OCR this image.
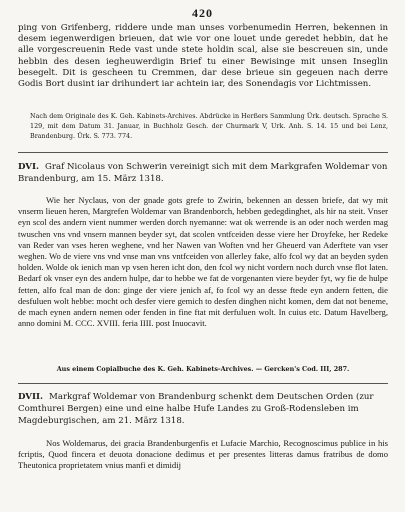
420

ping von Grifenberg, riddere unde man unses vorbenumedin Herren, bekennen in desem iegenwerdigen brieuen, dat wie vor one louet unde geredet hebbin, dat he alle vorgescreuenin Rede vast unde stete holdin scal, alse sie bescreuen sin, unde hebbin des desen iegheuwerdigin Brief tu einer Bewisinge mit unsen Inseglin besegelt. Dit is gescheen tu Cremmen, dar dese brieue sin gegeuen nach derre Godis Bort dusint iar drihundert iar achtein iar, des Sonendagis vor Lichtmissen.

Nach dem Originale des K. Geh. Kabinets-Archives. Abdrücke in Herßers Sammlung Ürk. deutsch. Sprache S. 129, mit dem Datum 31. Januar, in Buchholz Gesch. der Churmark V, Urk. Anh. S. 14. 15 und bei Lenz, Brandenburg. Ürk. S. 773. 774.
DVI. Graf Nicolaus von Schwerin vereinigt sich mit dem Markgrafen Woldemar von Brandenburg, am 15. März 1318.

Wie her Nyclaus, von der gnade gots grefe to Zwirin, bekennen an dessen briefe, dat wy mit vnserm lieuen heren, Margrefen Woldemar van Brandenborch, hebben gedegdinghet, als hir na steit. Vnser eyn scol des andern vient nummer werden dorch nyemanne: wat ok werrende is an oder noch werden mag twuschen vns vnd vnsern mannen beyder syt, dat scolen vntfceiden desse viere her Droyfeke, her Redeke van Reder van vses heren weghene, vnd her Nawen van Woften vnd her Gheuerd van Aderftete van vser weghen. Wo de viere vns vnd vnse man vns vntfceiden von allerley fake, alfo fcol wy dat an beyden syden holden. Wolde ok ienich man vp vsen heren icht don, den fcol wy nicht vordern noch durch vnse flot laten. Bedarf ok vnser eyn des andern hulpe, dar to hebbe we fat de vorgenanten viere beyder fyt, wy fie de hulpe fetten, alfo fcal man de don: ginge der viere jenich af, fo fcol wy an desse ftede eyn andern fetten, die desfuluen wolt hebbe: mocht och desfer viere gemich to desfen dinghen nicht komen, dem dat not beneme, de mach eynen andern nemen oder fenden in fine ftat mit derfuluen wolt. In cuius etc. Datum Havelberg, anno domini M. CCC. XVIII. feria IIII. post Inuocavit.

Aus einem Copialbuche des K. Geh. Kabinets-Archives. — Gercken's Cod. III, 287.
DVII. Markgraf Woldemar von Brandenburg schenkt dem Deutschen Orden (zur Comthurei Bergen) eine und eine halbe Hufe Landes zu Groß-Rodensleben im Magdeburgischen, am 21. März 1318.

Nos Woldemarus, dei gracia Brandenburgenfis et Lufacie Marchio, Recognoscimus publice in his fcriptis, Quod fincera et deuota donacione dedimus et per presentes litteras damus fratribus de domo Theutonica proprietatem vnius manfi et dimidij
